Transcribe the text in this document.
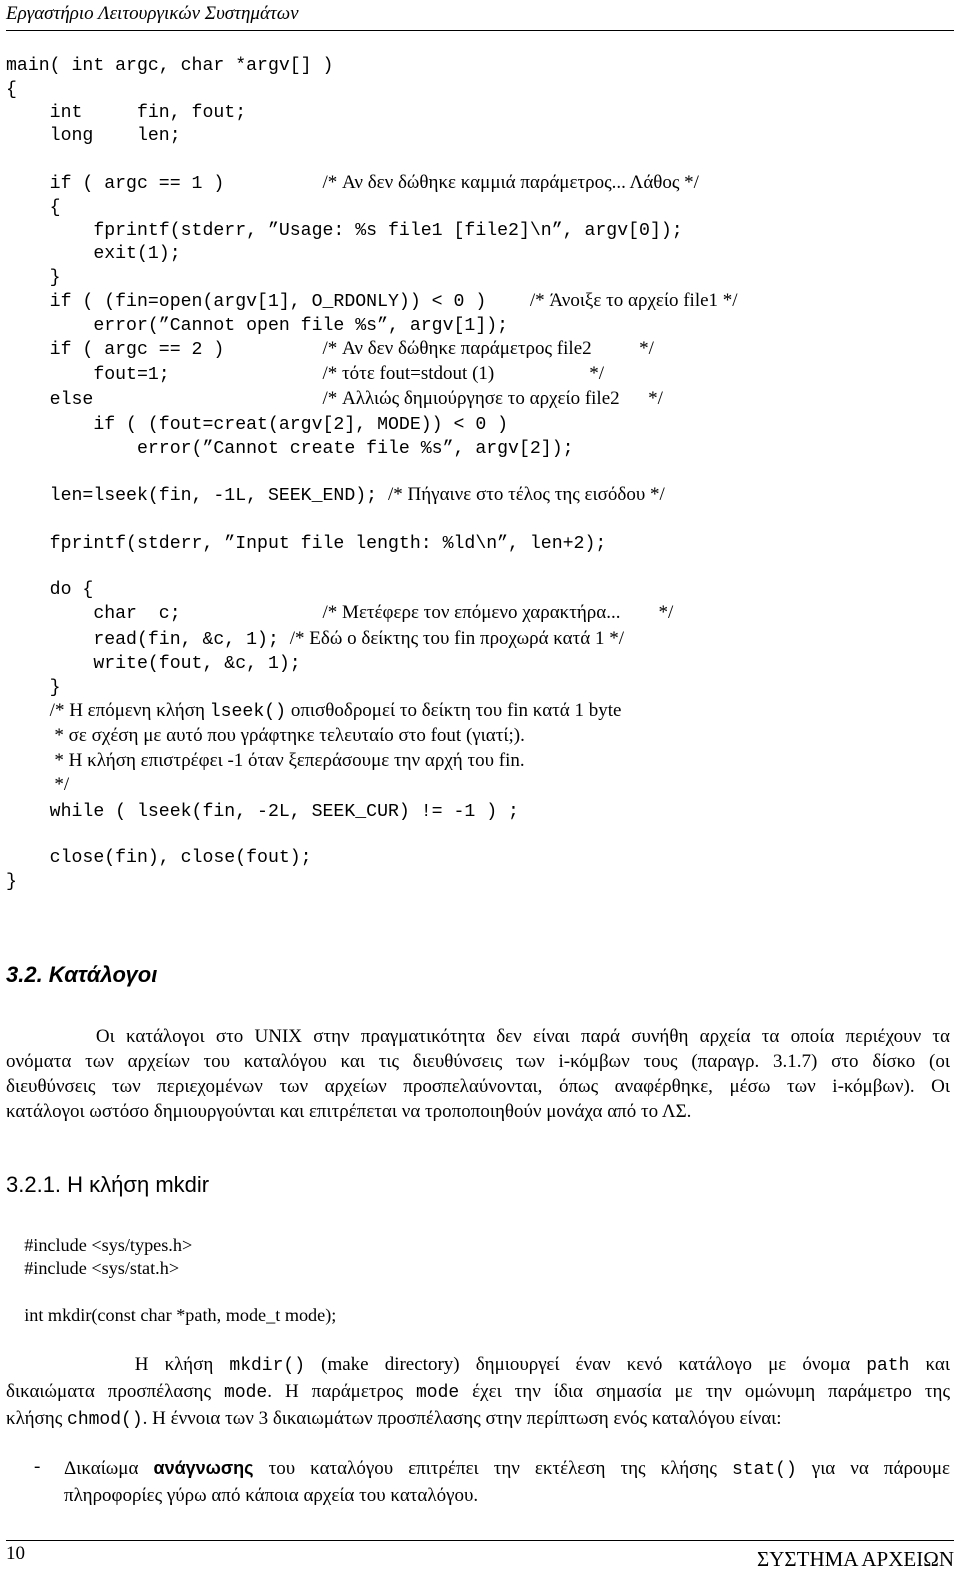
Εργαστήριο Λειτουργικών Συστημάτων
main( int argc, char *argv[] )
{
int     fin, fout;
long    len;
if ( argc == 1 )         /* Αν δεν δώθηκε καμμιά παράμετρος... Λάθος */
{
fprintf(stderr, ”Usage: %s file1 [file2]\n”, argv[0]);
exit(1);
}
if ( (fin=open(argv[1], O_RDONLY)) < 0 )    /* Άνοιξε το αρχείο file1 */
error(”Cannot open file %s”, argv[1]);
if ( argc == 2 )         /* Αν δεν δώθηκε παράμετρος file2          */
fout=1;              /* τότε fout=stdout (1)                    */
else                     /* Αλλιώς δημιούργησε το αρχείο file2      */
if ( (fout=creat(argv[2], MODE)) < 0 )
error(”Cannot create file %s”, argv[2]);
len=lseek(fin, -1L, SEEK_END); /* Πήγαινε στο τέλος της εισόδου */
fprintf(stderr, ”Input file length: %ld\n”, len+2);
do {
char  c;             /* Μετέφερε τον επόμενο χαρακτήρα...        */
read(fin, &c, 1); /* Εδώ ο δείκτης του fin προχωρά κατά 1 */
write(fout, &c, 1);
}
/* Η επόμενη κλήση lseek() οπισθοδρομεί το δείκτη του fin κατά 1 byte
* σε σχέση με αυτό που γράφτηκε τελευταίο στο fout (γιατί;).
* Η κλήση επιστρέφει -1 όταν ξεπεράσουμε την αρχή του fin.
*/
while ( lseek(fin, -2L, SEEK_CUR) != -1 ) ;
close(fin), close(fout);
}
3.2. Κατάλογοι
Οι κατάλογοι στο UNIX στην πραγματικότητα δεν είναι παρά συνήθη αρχεία τα οποία περιέχουν τα
ονόματα των αρχείων του καταλόγου και τις διευθύνσεις των i-κόμβων τους (παραγρ. 3.1.7) στο δίσκο (οι
διευθύνσεις των περιεχομένων των αρχείων προσπελαύνονται, όπως αναφέρθηκε, μέσω των i-κόμβων). Οι
κατάλογοι ωστόσο δημιουργούνται και επιτρέπεται να τροποποιηθούν μονάχα από το ΛΣ.
3.2.1. Η κλήση mkdir
#include <sys/types.h>
#include <sys/stat.h>
int mkdir(const char *path, mode_t mode);
Η κλήση mkdir() (make directory) δημιουργεί έναν κενό κατάλογο με όνομα path και
δικαιώματα προσπέλασης mode. Η παράμετρος mode έχει την ίδια σημασία με την ομώνυμη παράμετρο της
κλήσης chmod(). Η έννοια των 3 δικαιωμάτων προσπέλασης στην περίπτωση ενός καταλόγου είναι:
- Δικαίωμα ανάγνωσης του καταλόγου επιτρέπει την εκτέλεση της κλήσης stat() για να πάρουμε
πληροφορίες γύρω από κάποια αρχεία του καταλόγου.
10	ΣΥΣΤΗΜΑ ΑΡΧΕΙΩΝ
